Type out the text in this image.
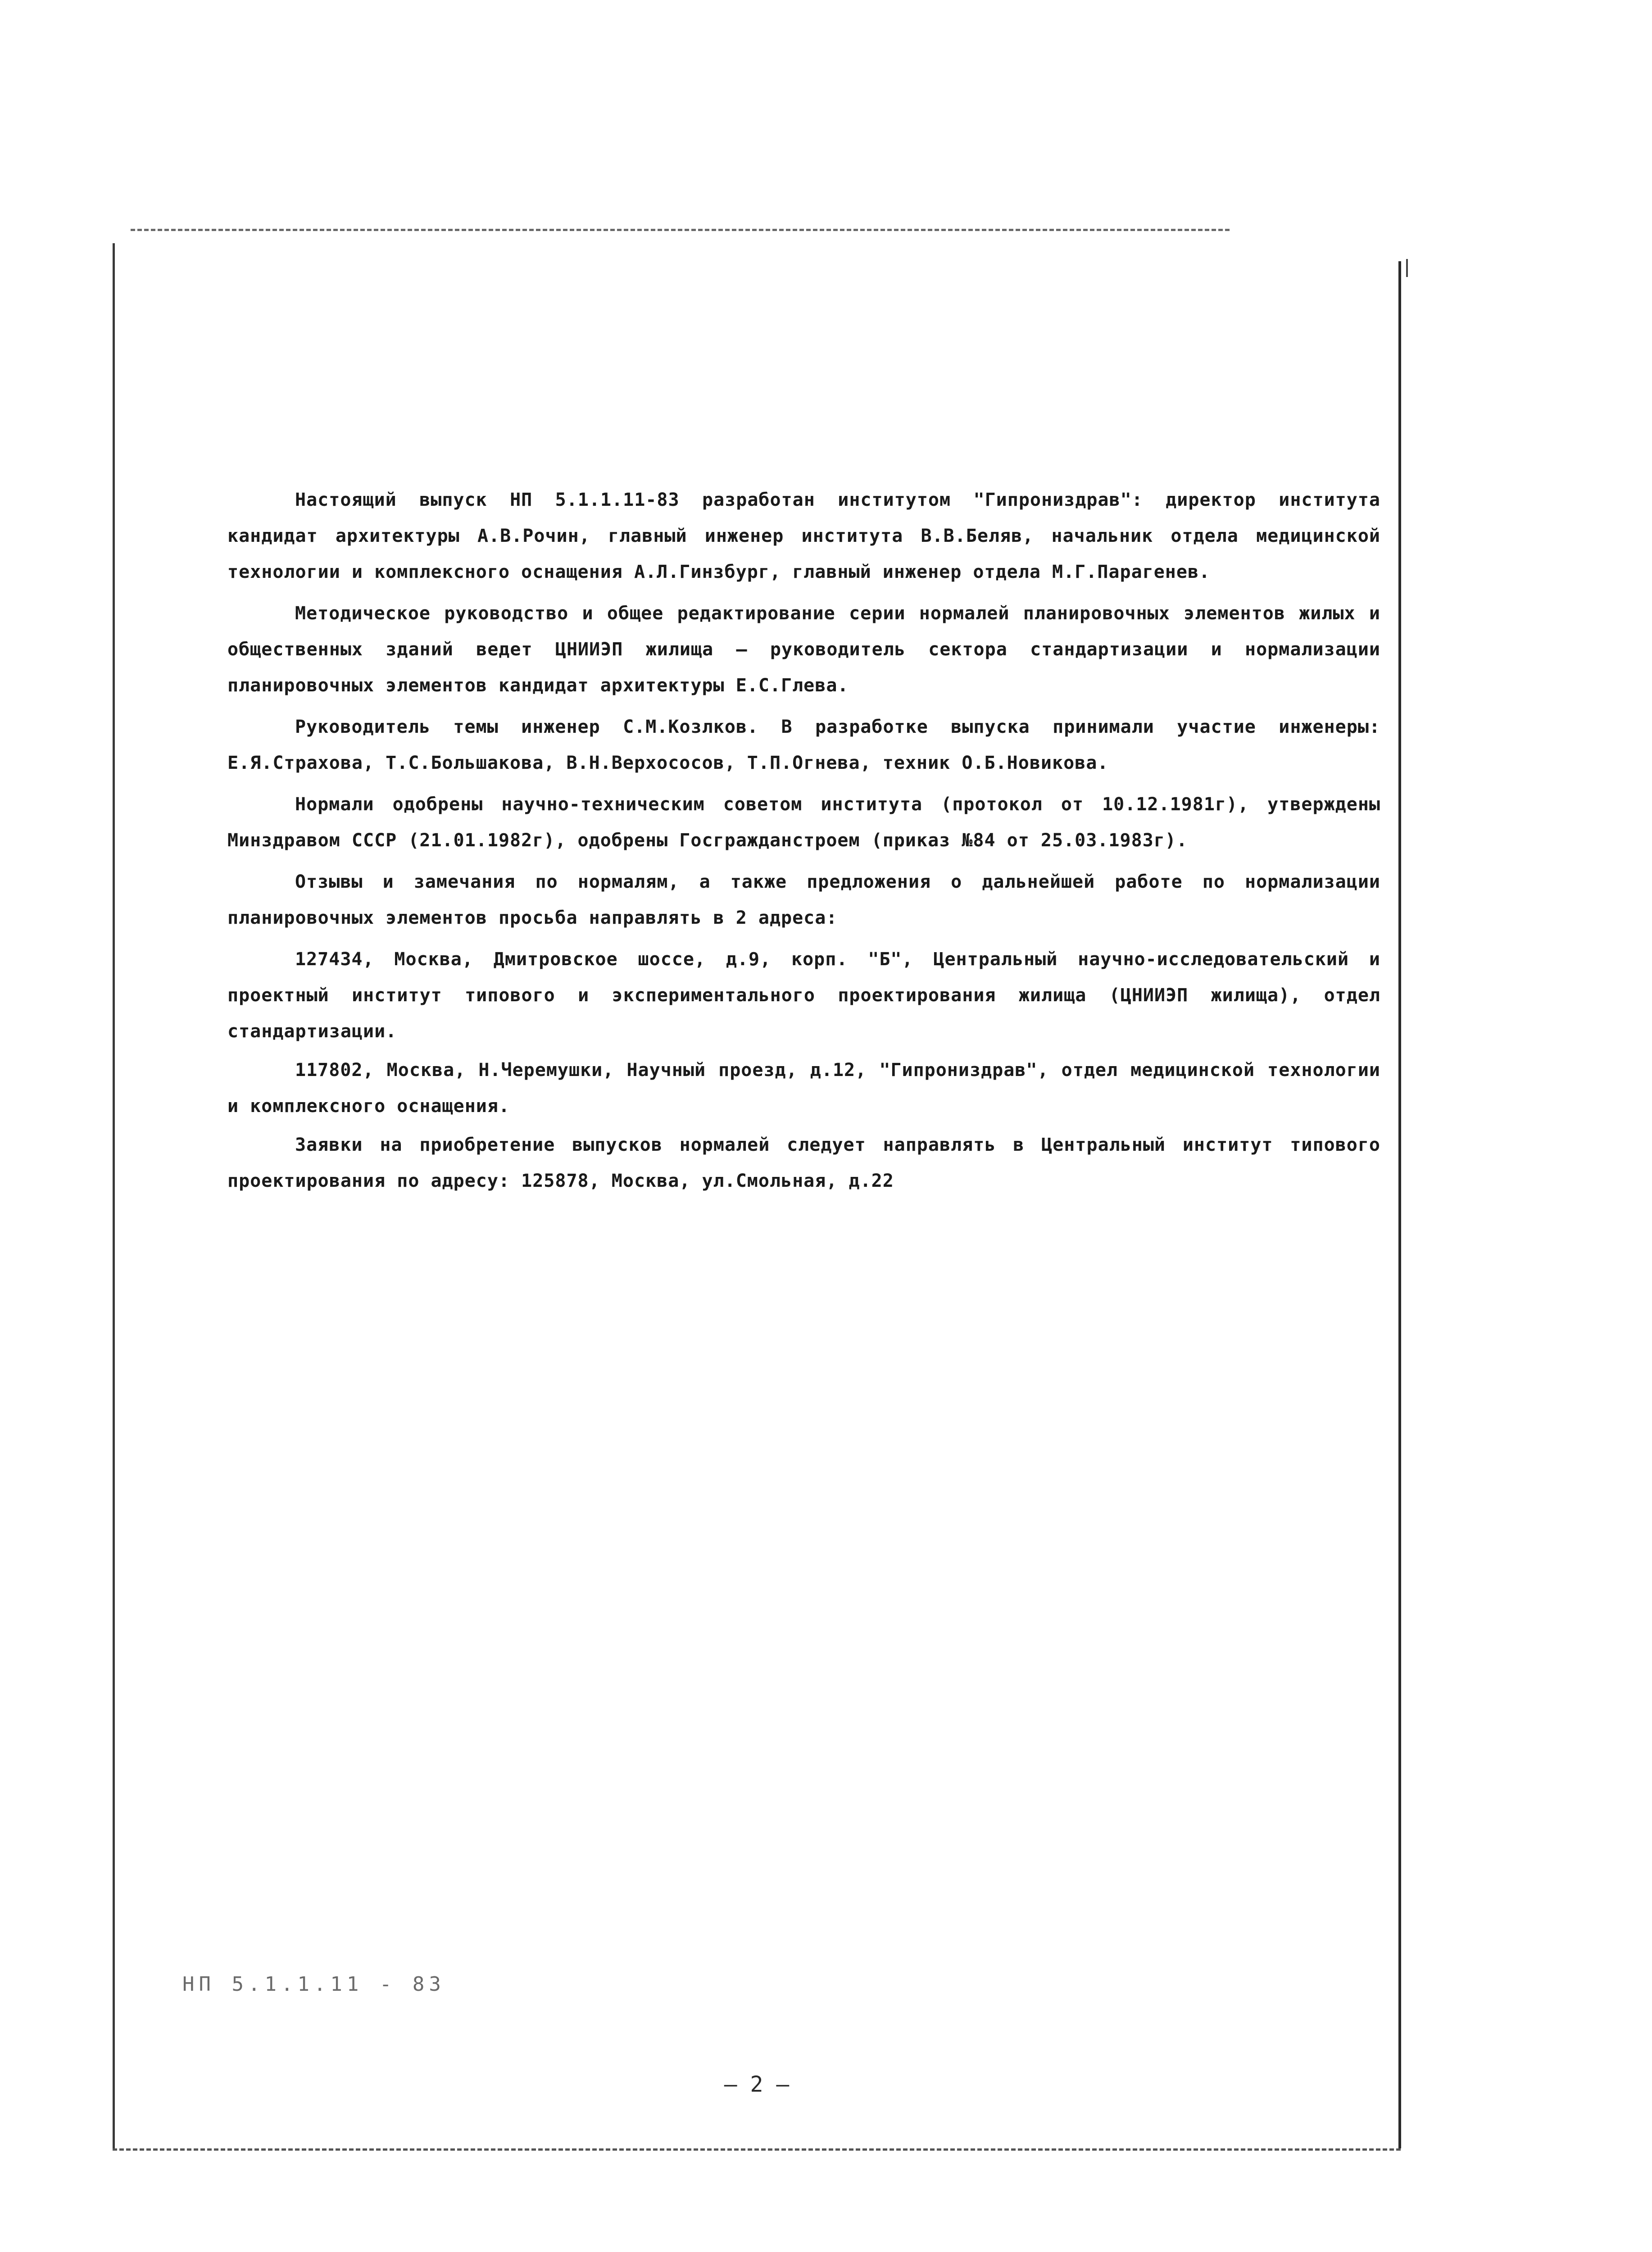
Настоящий выпуск НП 5.1.1.11-83 разработан институтом "Гипрониздрав": директор института кандидат архитектуры А.В.Рочин, главный инженер института В.В.Беляв, начальник отдела медицинской технологии и комплексного оснащения А.Л.Гинзбург, главный инженер отдела М.Г.Парагенев.

Методическое руководство и общее редактирование серии нормалей планировочных элементов жилых и общественных зданий ведет ЦНИИЭП жилища — руководитель сектора стандартизации и нормализации планировочных элементов кандидат архитектуры Е.С.Глева.

Руководитель темы инженер С.М.Козлков. В разработке выпуска принимали участие инженеры: Е.Я.Страхова, Т.С.Большакова, В.Н.Верхососов, Т.П.Огнева, техник О.Б.Новикова.

Нормали одобрены научно-техническим советом института (протокол от 10.12.1981г), утверждены Минздравом СССР (21.01.1982г), одобрены Госгражданстроем (приказ №84 от 25.03.1983г).

Отзывы и замечания по нормалям, а также предложения о дальнейшей работе по нормализации планировочных элементов просьба направлять в 2 адреса:

127434, Москва, Дмитровское шоссе, д.9, корп. "Б", Центральный научно-исследовательский и проектный институт типового и экспериментального проектирования жилища (ЦНИИЭП жилища), отдел стандартизации.

117802, Москва, Н.Черемушки, Научный проезд, д.12, "Гипрониздрав", отдел медицинской технологии и комплексного оснащения.

Заявки на приобретение выпусков нормалей следует направлять в Центральный институт типового проектирования по адресу: 125878, Москва, ул.Смольная, д.22

НП 5.1.1.11 - 83
— 2 —
